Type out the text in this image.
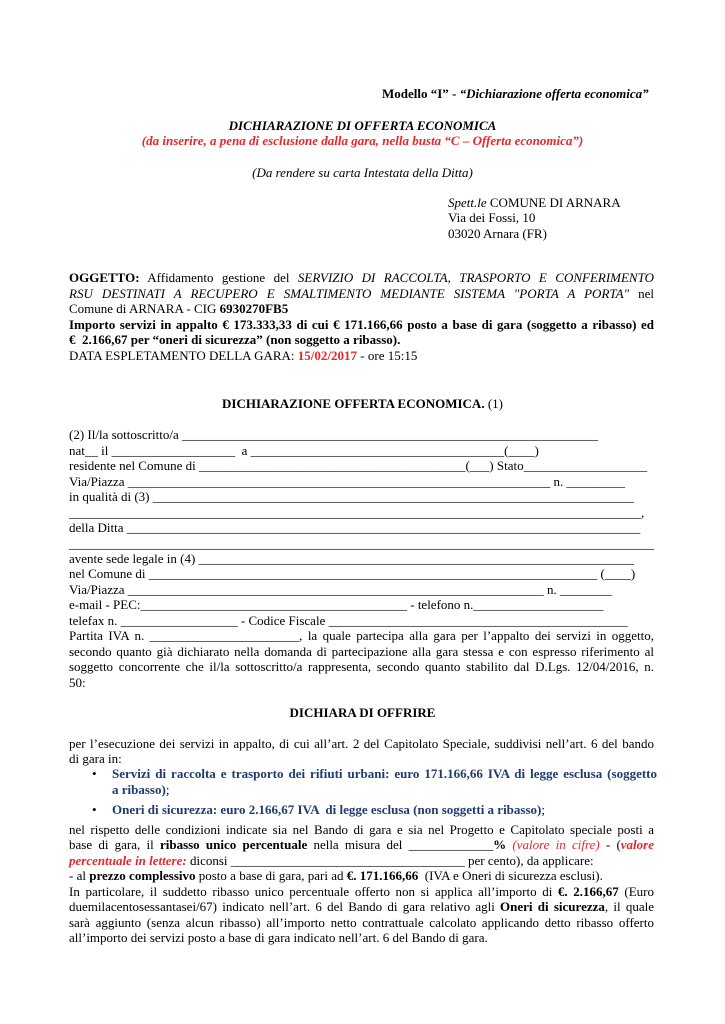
Modello “I” - “Dichiarazione offerta economica”
DICHIARAZIONE DI OFFERTA ECONOMICA
(da inserire, a pena di esclusione dalla gara, nella busta “C – Offerta economica”)
(Da rendere su carta Intestata della Ditta)
Spett.le COMUNE DI ARNARA
Via dei Fossi, 10
03020 Arnara (FR)
OGGETTO: Affidamento gestione del SERVIZIO DI RACCOLTA, TRASPORTO E CONFERIMENTO
RSU DESTINATI A RECUPERO E SMALTIMENTO MEDIANTE SISTEMA "PORTA A PORTA" nel
Comune di ARNARA - CIG 6930270FB5
Importo servizi in appalto € 173.333,33 di cui € 171.166,66 posto a base di gara (soggetto a ribasso) ed
€  2.166,67 per “oneri di sicurezza” (non soggetto a ribasso).
DATA ESPLETAMENTO DELLA GARA: 15/02/2017 - ore 15:15
DICHIARAZIONE OFFERTA ECONOMICA. (1)
(2) Il/la sottoscritto/a ________________________________________________________________
nat__ il ___________________  a _______________________________________(____)
residente nel Comune di _________________________________________(___) Stato___________________
Via/Piazza _________________________________________________________________ n. _________
in qualità di (3) __________________________________________________________________________
________________________________________________________________________________________,
della Ditta _______________________________________________________________________________
__________________________________________________________________________________________
avente sede legale in (4) ___________________________________________________________________
nel Comune di _____________________________________________________________________ (____)
Via/Piazza ________________________________________________________________ n. ________
e-mail - PEC:_________________________________________ - telefono n.____________________
telefax n. __________________ - Codice Fiscale ______________________________________________
Partita IVA n. _______________________, la quale partecipa alla gara per l’appalto dei servizi in oggetto,
secondo quanto già dichiarato nella domanda di partecipazione alla gara stessa e con espresso riferimento al
soggetto concorrente che il/la sottoscritto/a rappresenta, secondo quanto stabilito dal D.Lgs. 12/04/2016, n.
50:
DICHIARA DI OFFRIRE
per l’esecuzione dei servizi in appalto, di cui all’art. 2 del Capitolato Speciale, suddivisi nell’art. 6 del bando
di gara in:
• Servizi di raccolta e trasporto dei rifiuti urbani: euro 171.166,66 IVA di legge esclusa (soggetto
a ribasso);
• Oneri di sicurezza: euro 2.166,67 IVA  di legge esclusa (non soggetti a ribasso);
nel rispetto delle condizioni indicate sia nel Bando di gara e sia nel Progetto e Capitolato speciale posti a
base di gara, il ribasso unico percentuale nella misura del _____________% (valore in cifre) - (valore
percentuale in lettere: diconsi ____________________________________ per cento), da applicare:
- al prezzo complessivo posto a base di gara, pari ad €. 171.166,66  (IVA e Oneri di sicurezza esclusi).
In particolare, il suddetto ribasso unico percentuale offerto non si applica all’importo di €. 2.166,67 (Euro
duemilacentosessantasei/67) indicato nell’art. 6 del Bando di gara relativo agli Oneri di sicurezza, il quale
sarà aggiunto (senza alcun ribasso) all’importo netto contrattuale calcolato applicando detto ribasso offerto
all’importo dei servizi posto a base di gara indicato nell’art. 6 del Bando di gara.
